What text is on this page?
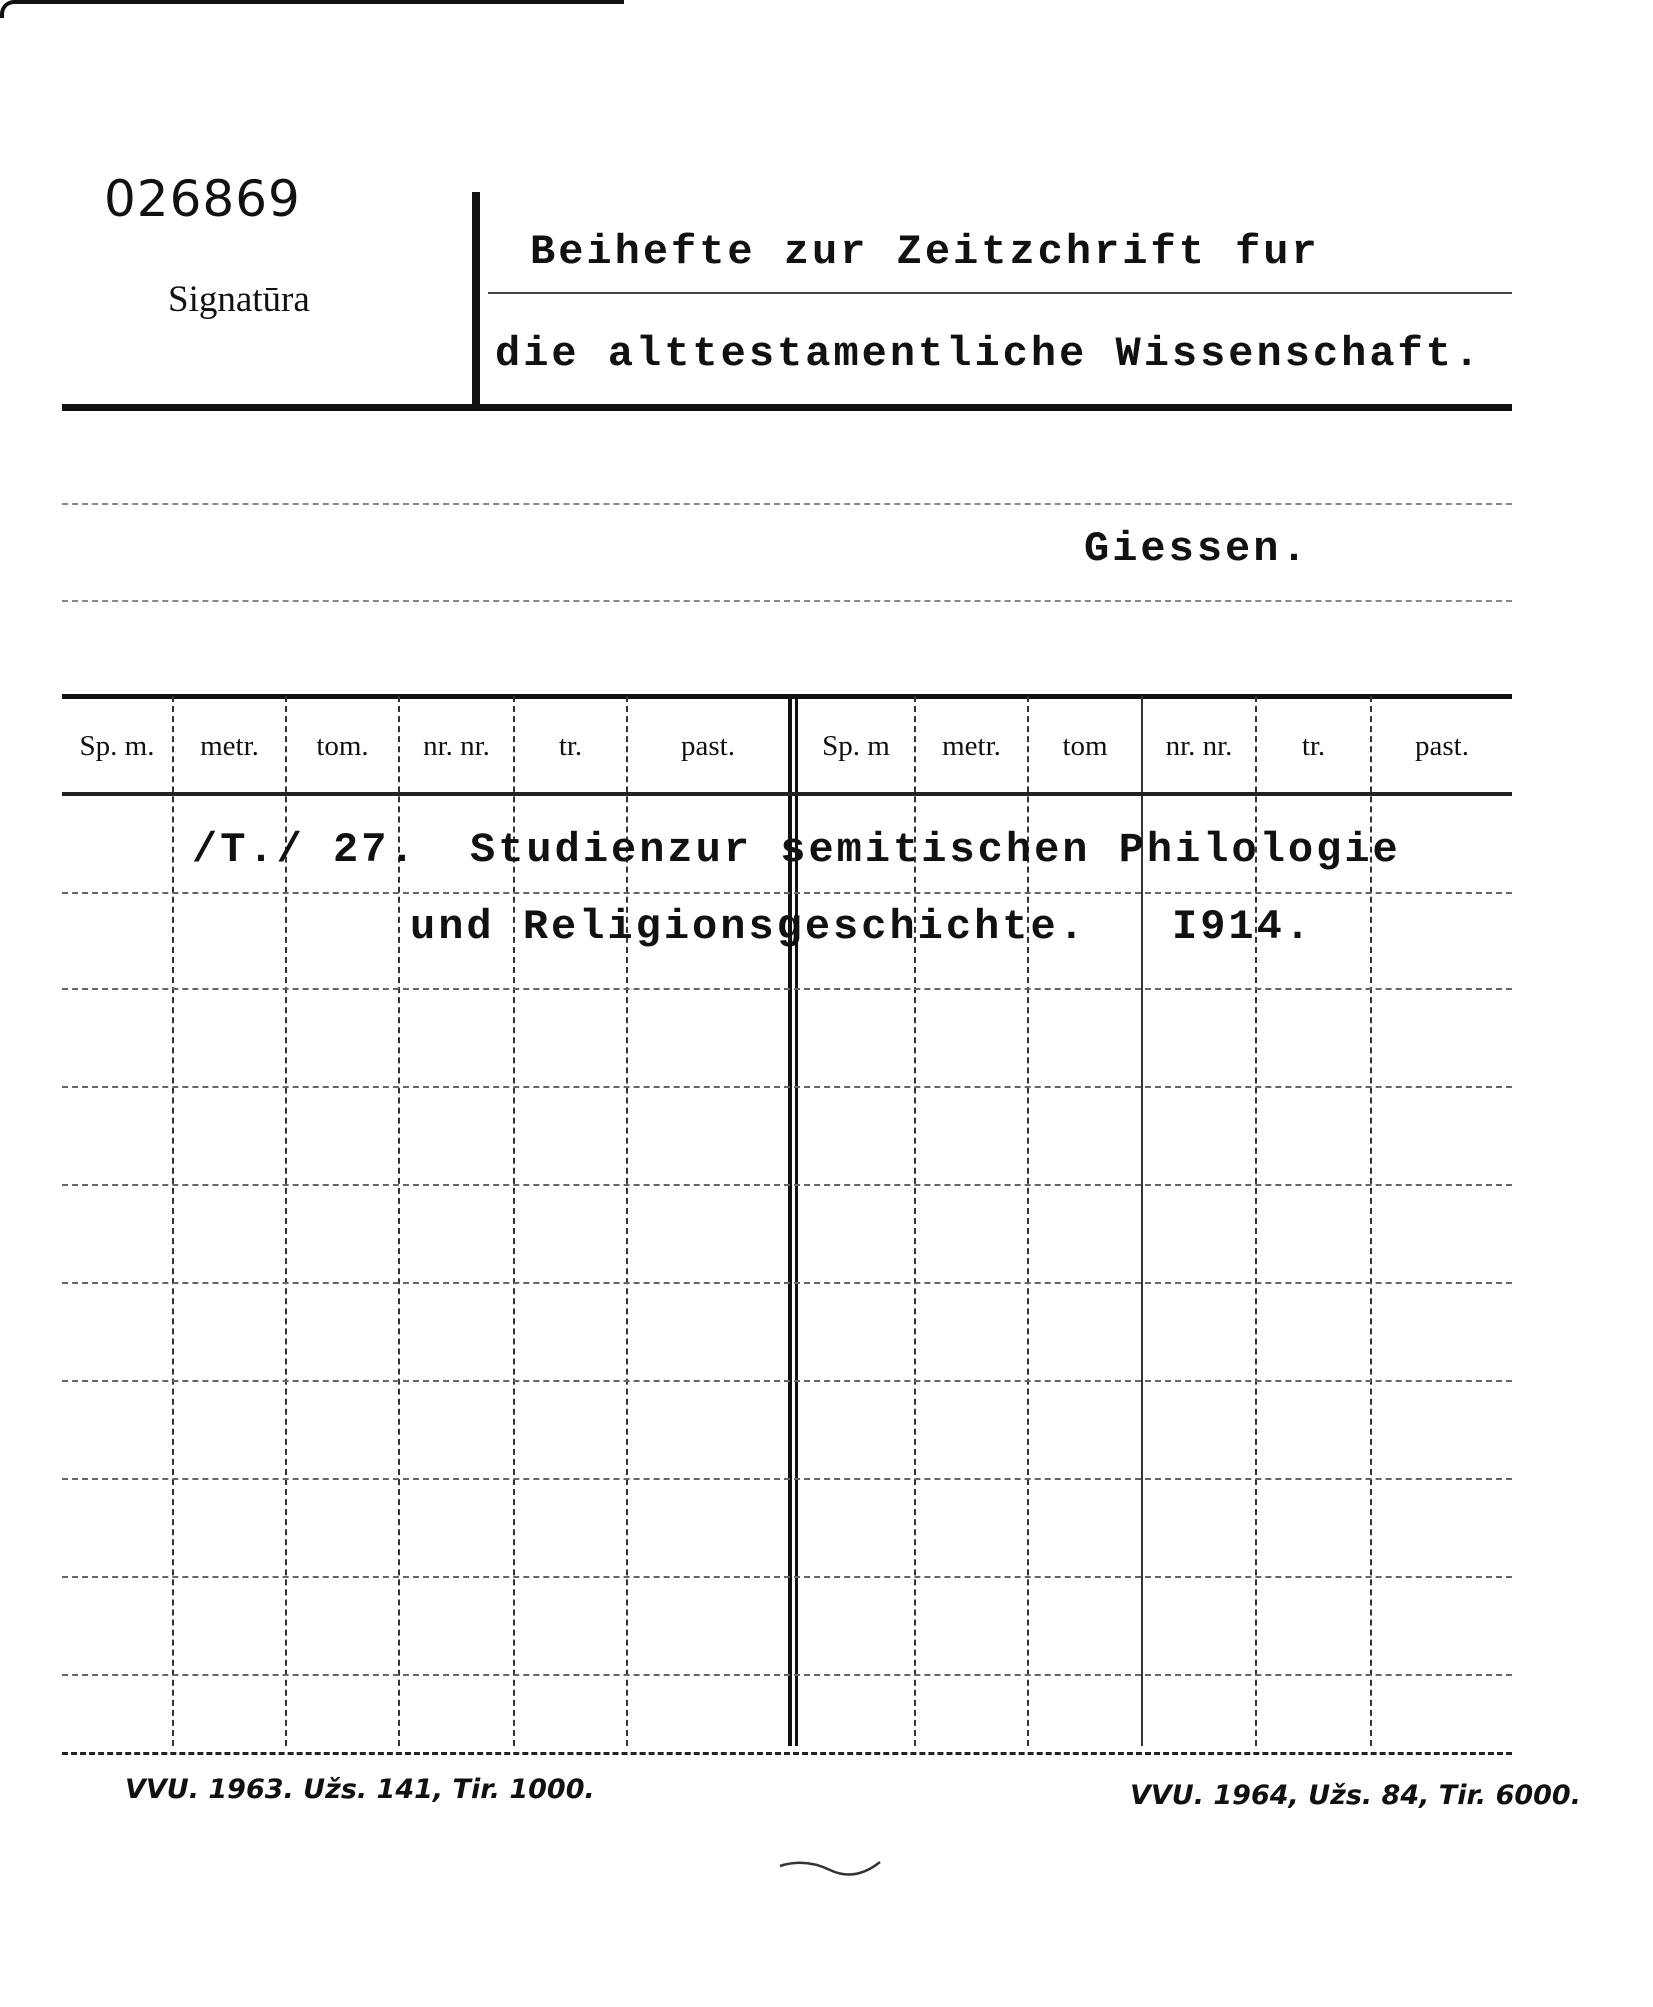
026869
Signatūra
Beihefte zur Zeitzchrift fur
die alttestamentliche Wissenschaft.
Giessen.
Sp. m.	metr.	tom.	nr. nr.	tr.	past.	Sp. m	metr.	tom	nr. nr.	tr.	past.
/T./ 27. Studienzur semitischen Philologie
und Religionsgeschichte. I914.
VVU. 1963. Užs. 141, Tir. 1000.	VVU. 1964, Užs. 84, Tir. 6000.
